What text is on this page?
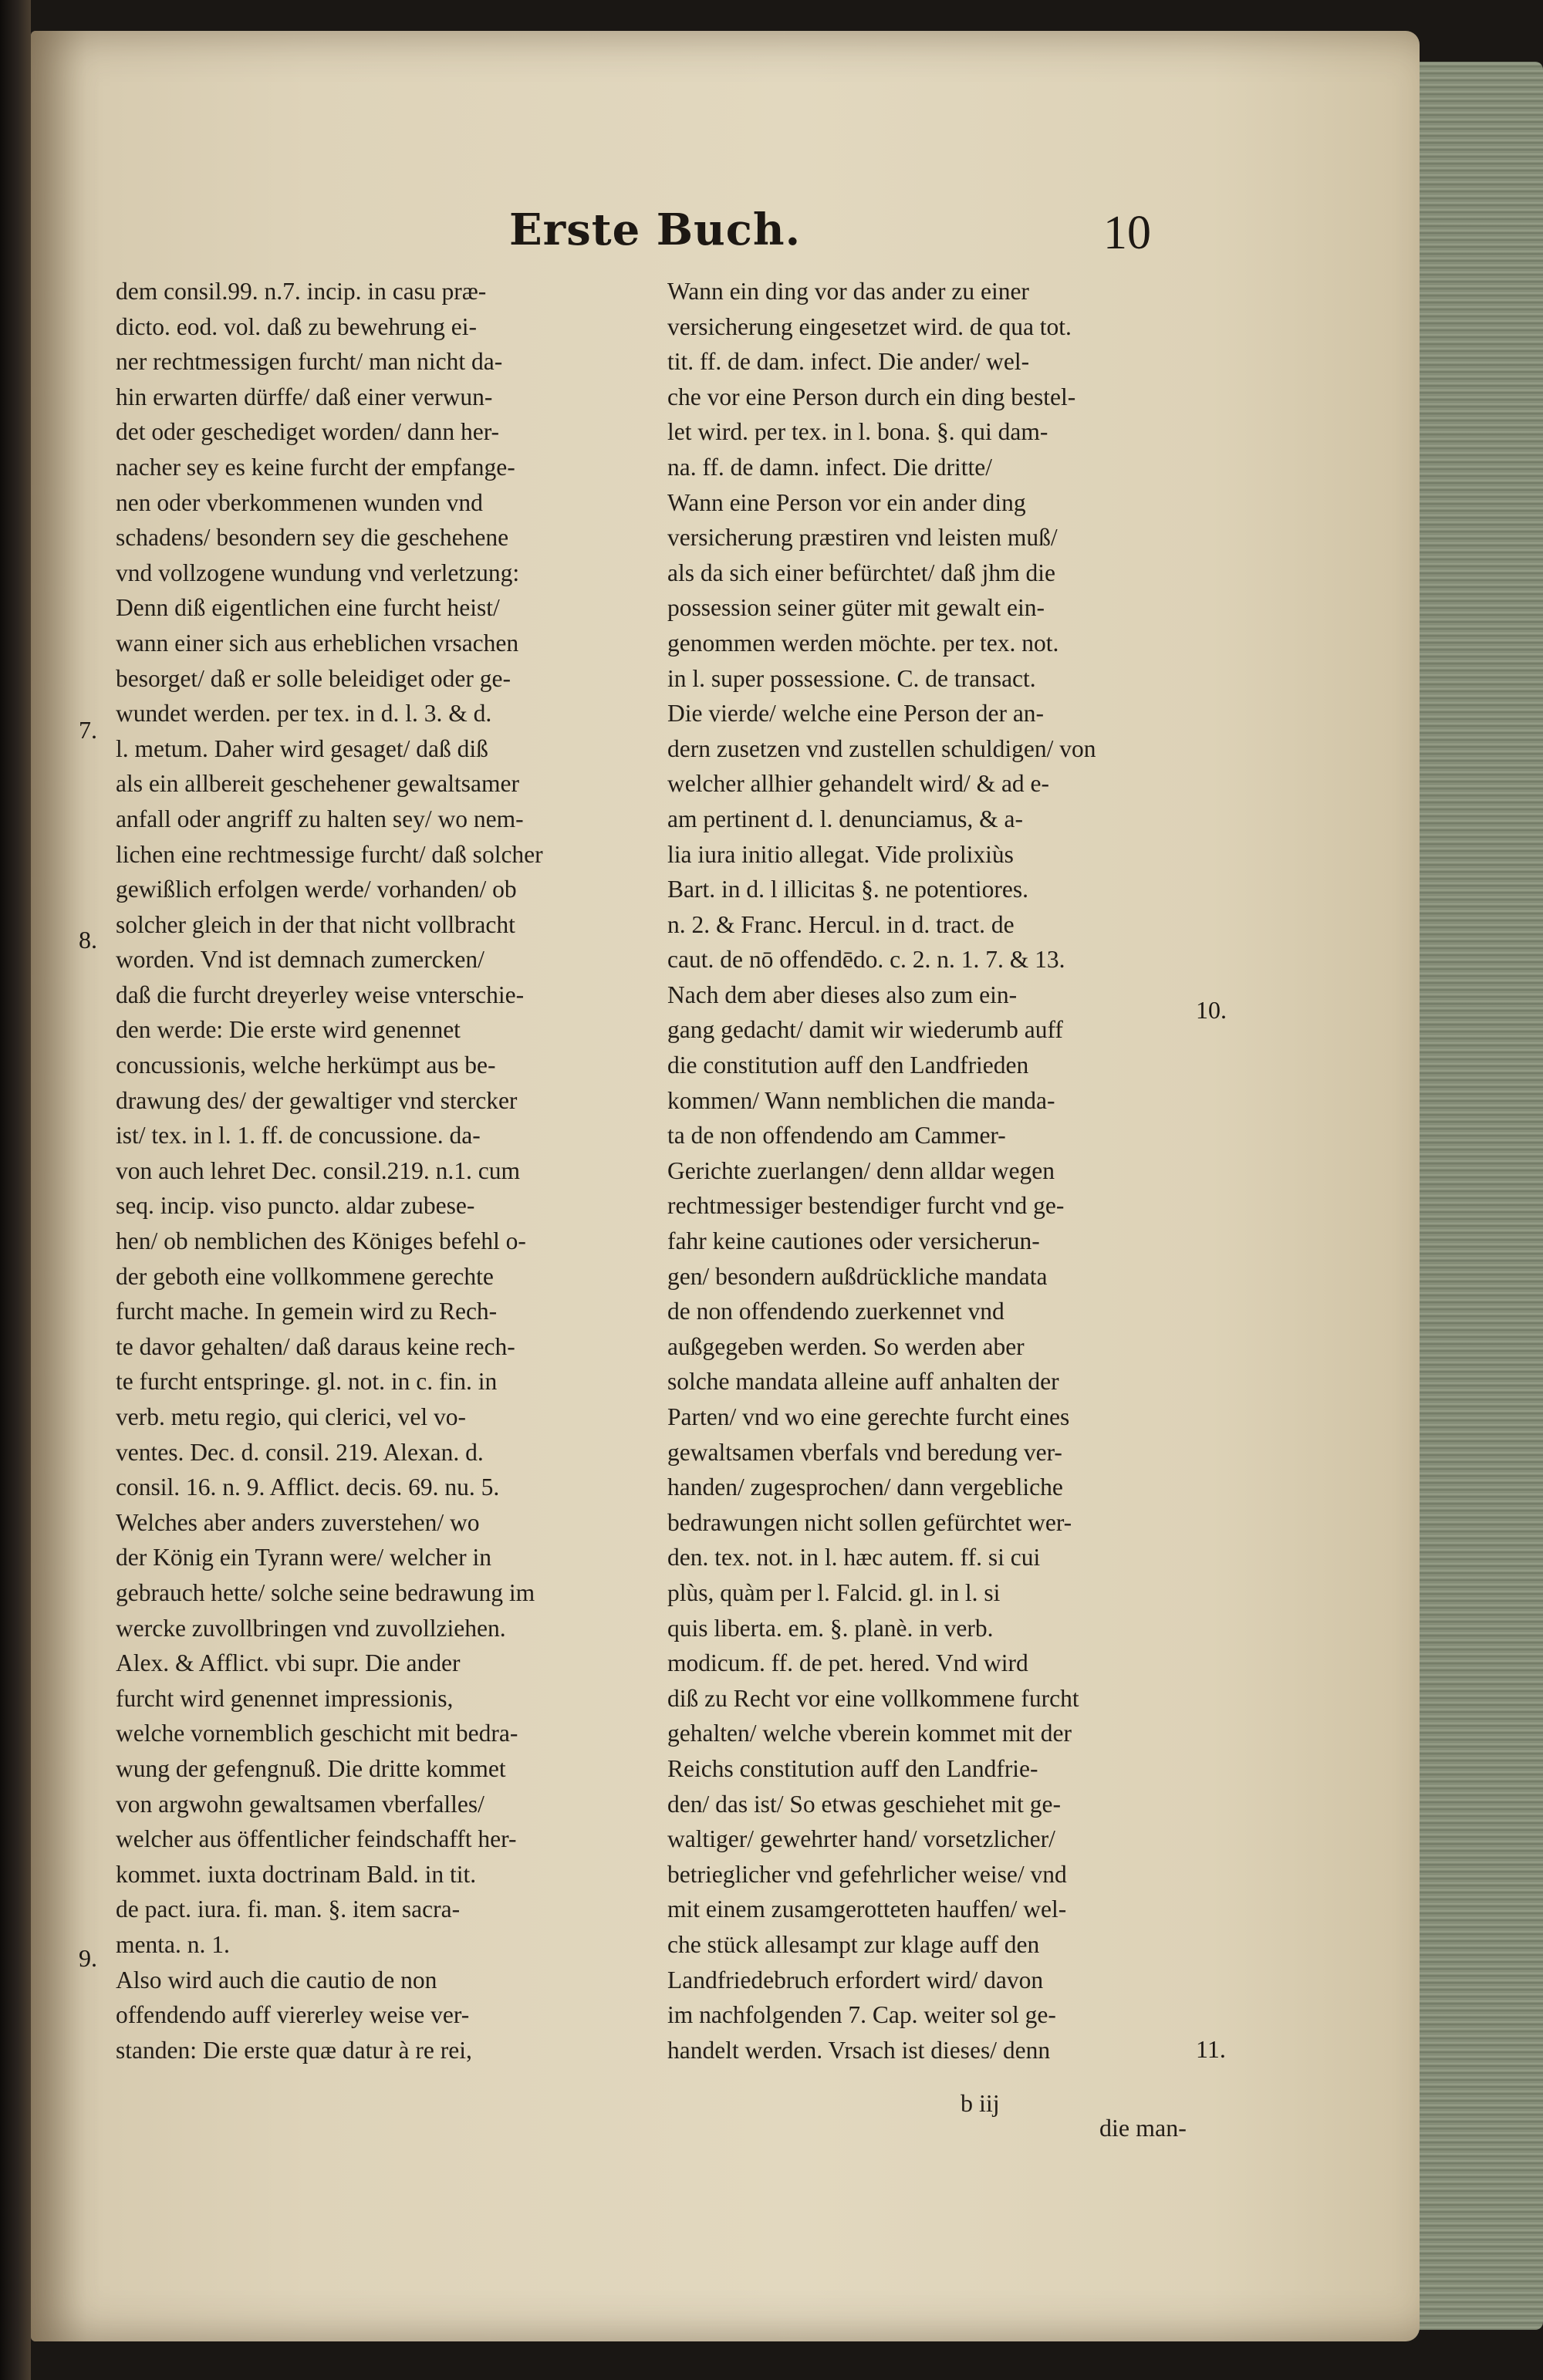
Erste Buch.	10
dem consil.99. n.7. incip. in casu præ-
dicto. eod. vol. daß zu bewehrung ei-
ner rechtmessigen furcht/ man nicht da-
hin erwarten dürffe/ daß einer verwun-
det oder geschediget worden/ dann her-
nacher sey es keine furcht der empfange-
nen oder vberkommenen wunden vnd
schadens/ besondern sey die geschehene
vnd vollzogene wundung vnd verletzung:
Denn diß eigentlichen eine furcht heist/
wann einer sich aus erheblichen vrsachen
besorget/ daß er solle beleidiget oder ge-
wundet werden. per tex. in d. l. 3. & d.
l. metum. Daher wird gesaget/ daß diß
als ein allbereit geschehener gewaltsamer
anfall oder angriff zu halten sey/ wo nem-
lichen eine rechtmessige furcht/ daß solcher
gewißlich erfolgen werde/ vorhanden/ ob
solcher gleich in der that nicht vollbracht
worden. Vnd ist demnach zumercken/
daß die furcht dreyerley weise vnterschie-
den werde: Die erste wird genennet
concussionis, welche herkümpt aus be-
drawung des/ der gewaltiger vnd stercker
ist/ tex. in l. 1. ff. de concussione. da-
von auch lehret Dec. consil.219. n.1. cum
seq. incip. viso puncto. aldar zubese-
hen/ ob nemblichen des Königes befehl o-
der geboth eine vollkommene gerechte
furcht mache. In gemein wird zu Rech-
te davor gehalten/ daß daraus keine rech-
te furcht entspringe. gl. not. in c. fin. in
verb. metu regio, qui clerici, vel vo-
ventes. Dec. d. consil. 219. Alexan. d.
consil. 16. n. 9. Afflict. decis. 69. nu. 5.
Welches aber anders zuverstehen/ wo
der König ein Tyrann were/ welcher in
gebrauch hette/ solche seine bedrawung im
wercke zuvollbringen vnd zuvollziehen.
Alex. & Afflict. vbi supr. Die ander
furcht wird genennet impressionis,
welche vornemblich geschicht mit bedra-
wung der gefengnuß. Die dritte kommet
von argwohn gewaltsamen vberfalles/
welcher aus öffentlicher feindschafft her-
kommet. iuxta doctrinam Bald. in tit.
de pact. iura. fi. man. §. item sacra-
menta. n. 1.
Also wird auch die cautio de non
offendendo auff viererley weise ver-
standen: Die erste quæ datur à re rei,
Wann ein ding vor das ander zu einer
versicherung eingesetzet wird. de qua tot.
tit. ff. de dam. infect. Die ander/ wel-
che vor eine Person durch ein ding bestel-
let wird. per tex. in l. bona. §. qui dam-
na. ff. de damn. infect. Die dritte/
Wann eine Person vor ein ander ding
versicherung præstiren vnd leisten muß/
als da sich einer befürchtet/ daß jhm die
possession seiner güter mit gewalt ein-
genommen werden möchte. per tex. not.
in l. super possessione. C. de transact.
Die vierde/ welche eine Person der an-
dern zusetzen vnd zustellen schuldigen/ von
welcher allhier gehandelt wird/ & ad e-
am pertinent d. l. denunciamus, & a-
lia iura initio allegat. Vide prolixiùs
Bart. in d. l illicitas §. ne potentiores.
n. 2. & Franc. Hercul. in d. tract. de
caut. de nō offendēdo. c. 2. n. 1. 7. & 13.
Nach dem aber dieses also zum ein-
gang gedacht/ damit wir wiederumb auff
die constitution auff den Landfrieden
kommen/ Wann nemblichen die manda-
ta de non offendendo am Cammer-
Gerichte zuerlangen/ denn alldar wegen
rechtmessiger bestendiger furcht vnd ge-
fahr keine cautiones oder versicherun-
gen/ besondern außdrückliche mandata
de non offendendo zuerkennet vnd
außgegeben werden. So werden aber
solche mandata alleine auff anhalten der
Parten/ vnd wo eine gerechte furcht eines
gewaltsamen vberfals vnd beredung ver-
handen/ zugesprochen/ dann vergebliche
bedrawungen nicht sollen gefürchtet wer-
den. tex. not. in l. hæc autem. ff. si cui
plùs, quàm per l. Falcid. gl. in l. si
quis liberta. em. §. planè. in verb.
modicum. ff. de pet. hered. Vnd wird
diß zu Recht vor eine vollkommene furcht
gehalten/ welche vberein kommet mit der
Reichs constitution auff den Landfrie-
den/ das ist/ So etwas geschiehet mit ge-
waltiger/ gewehrter hand/ vorsetzlicher/
betrieglicher vnd gefehrlicher weise/ vnd
mit einem zusamgerotteten hauffen/ wel-
che stück allesampt zur klage auff den
Landfriedebruch erfordert wird/ davon
im nachfolgenden 7. Cap. weiter sol ge-
handelt werden. Vrsach ist dieses/ denn
7.
8.
9.
10.
11.
b iij
die man-
